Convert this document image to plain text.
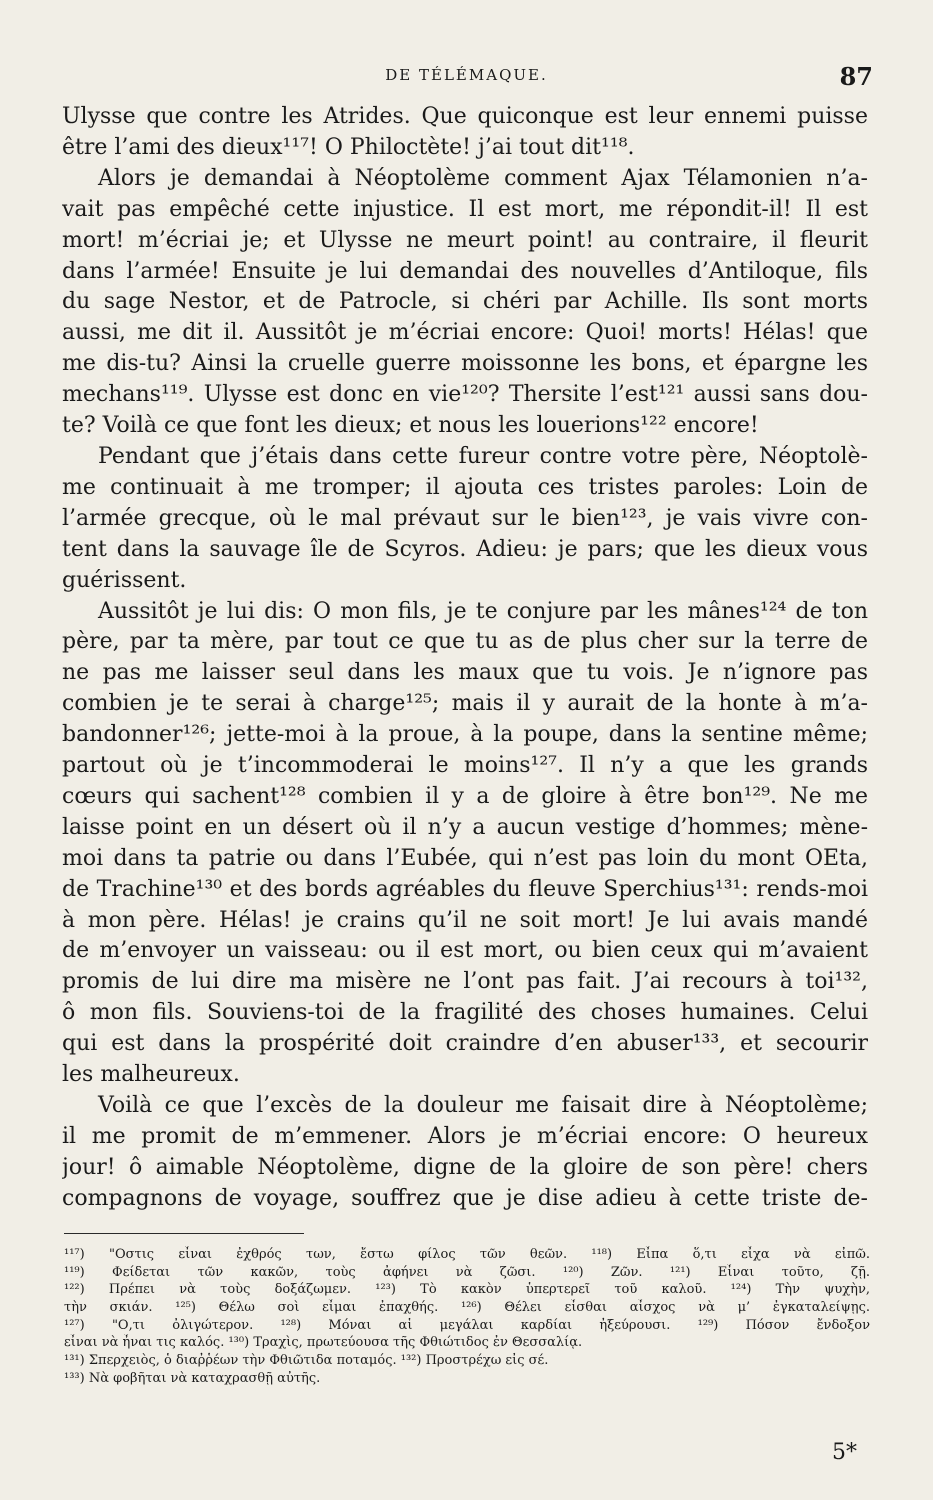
DE TÉLÉMAQUE.	87
Ulysse que contre les Atrides. Que quiconque est leur ennemi puisse
être l’ami des dieux¹¹⁷! O Philoctète! j’ai tout dit¹¹⁸.
Alors je demandai à Néoptolème comment Ajax Télamonien n’a-
vait pas empêché cette injustice. Il est mort, me répondit-il! Il est
mort! m’écriai je; et Ulysse ne meurt point! au contraire, il fleurit
dans l’armée! Ensuite je lui demandai des nouvelles d’Antiloque, fils
du sage Nestor, et de Patrocle, si chéri par Achille. Ils sont morts
aussi, me dit il. Aussitôt je m’écriai encore: Quoi! morts! Hélas! que
me dis-tu? Ainsi la cruelle guerre moissonne les bons, et épargne les
mechans¹¹⁹. Ulysse est donc en vie¹²⁰? Thersite l’est¹²¹ aussi sans dou-
te? Voilà ce que font les dieux; et nous les louerions¹²² encore!
Pendant que j’étais dans cette fureur contre votre père, Néoptolè-
me continuait à me tromper; il ajouta ces tristes paroles: Loin de
l’armée grecque, où le mal prévaut sur le bien¹²³, je vais vivre con-
tent dans la sauvage île de Scyros. Adieu: je pars; que les dieux vous
guérissent.
Aussitôt je lui dis: O mon fils, je te conjure par les mânes¹²⁴ de ton
père, par ta mère, par tout ce que tu as de plus cher sur la terre de
ne pas me laisser seul dans les maux que tu vois. Je n’ignore pas
combien je te serai à charge¹²⁵; mais il y aurait de la honte à m’a-
bandonner¹²⁶; jette-moi à la proue, à la poupe, dans la sentine même;
partout où je t’incommoderai le moins¹²⁷. Il n’y a que les grands
cœurs qui sachent¹²⁸ combien il y a de gloire à être bon¹²⁹. Ne me
laisse point en un désert où il n’y a aucun vestige d’hommes; mène-
moi dans ta patrie ou dans l’Eubée, qui n’est pas loin du mont OEta,
de Trachine¹³⁰ et des bords agréables du fleuve Sperchius¹³¹: rends-moi
à mon père. Hélas! je crains qu’il ne soit mort! Je lui avais mandé
de m’envoyer un vaisseau: ou il est mort, ou bien ceux qui m’avaient
promis de lui dire ma misère ne l’ont pas fait. J’ai recours à toi¹³²,
ô mon fils. Souviens-toi de la fragilité des choses humaines. Celui
qui est dans la prospérité doit craindre d’en abuser¹³³, et secourir
les malheureux.
Voilà ce que l’excès de la douleur me faisait dire à Néoptolème;
il me promit de m’emmener. Alors je m’écriai encore: O heureux
jour! ô aimable Néoptolème, digne de la gloire de son père! chers
compagnons de voyage, souffrez que je dise adieu à cette triste de-
¹¹⁷) "Οστις εἶναι ἐχθρός των, ἔστω φίλος τῶν θεῶν. ¹¹⁸) Εἶπα ὅ,τι εἶχα νὰ εἰπῶ.
¹¹⁹) Φείδεται τῶν κακῶν, τοὺς ἀφήνει νὰ ζῶσι. ¹²⁰) Ζῶν. ¹²¹) Εἶναι τοῦτο, ζῇ.
¹²²) Πρέπει νὰ τοὺς δοξάζωμεν. ¹²³) Τὸ κακὸν ὑπερτερεῖ τοῦ καλοῦ. ¹²⁴) Τὴν ψυχὴν,
τὴν σκιάν. ¹²⁵) Θέλω σοὶ εἶμαι ἐπαχθής. ¹²⁶) Θέλει εἶσθαι αἶσχος νὰ μ’ ἐγκαταλείψῃς.
¹²⁷) "Ο,τι ὀλιγώτερον. ¹²⁸) Μόναι αἱ μεγάλαι καρδίαι ἠξεύρουσι. ¹²⁹) Πόσον ἔνδοξον
εἶναι νὰ ἦναι τις καλός. ¹³⁰) Τραχὶς, πρωτεύουσα τῆς Φθιώτιδος ἐν Θεσσαλίᾳ.
¹³¹) Σπερχειὸς, ὁ διαῤῥέων τὴν Φθιῶτιδα ποταμός. ¹³²) Προστρέχω εἰς σέ.
¹³³) Νὰ φοβῆται νὰ καταχρασθῇ αὐτῆς.
5*
